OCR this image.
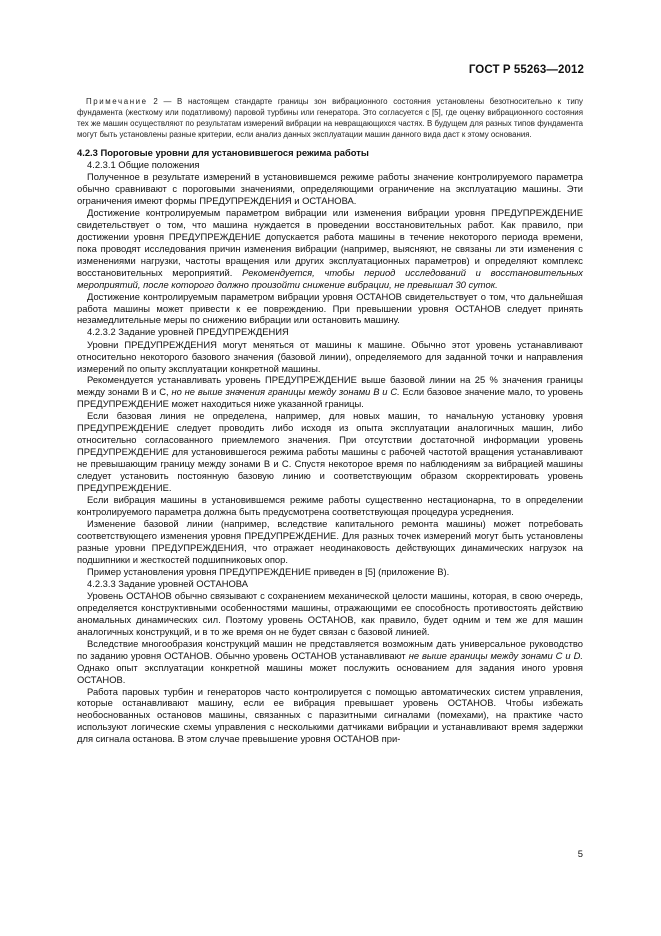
ГОСТ Р 55263—2012

Примечание 2 — В настоящем стандарте границы зон вибрационного состояния установлены безотносительно к типу фундамента (жесткому или податливому) паровой турбины или генератора. Это согласуется с [5], где оценку вибрационного состояния тех же машин осуществляют по результатам измерений вибрации на невращающихся частях. В будущем для разных типов фундамента могут быть установлены разные критерии, если анализ данных эксплуатации машин данного вида даст к этому основания.

4.2.3 Пороговые уровни для установившегося режима работы
4.2.3.1 Общие положения

Полученное в результате измерений в установившемся режиме работы значение контролируемого параметра обычно сравнивают с пороговыми значениями, определяющими ограничение на эксплуатацию машины. Эти ограничения имеют формы ПРЕДУПРЕЖДЕНИЯ и ОСТАНОВА.

Достижение контролируемым параметром вибрации или изменения вибрации уровня ПРЕДУПРЕЖДЕНИЕ свидетельствует о том, что машина нуждается в проведении восстановительных работ. Как правило, при достижении уровня ПРЕДУПРЕЖДЕНИЕ допускается работа машины в течение некоторого периода времени, пока проводят исследования причин изменения вибрации (например, выясняют, не связаны ли эти изменения с изменениями нагрузки, частоты вращения или других эксплуатационных параметров) и определяют комплекс восстановительных мероприятий. Рекомендуется, чтобы период исследований и восстановительных мероприятий, после которого должно произойти снижение вибрации, не превышал 30 суток.

Достижение контролируемым параметром вибрации уровня ОСТАНОВ свидетельствует о том, что дальнейшая работа машины может привести к ее повреждению. При превышении уровня ОСТАНОВ следует принять незамедлительные меры по снижению вибрации или остановить машину.

4.2.3.2 Задание уровней ПРЕДУПРЕЖДЕНИЯ

Уровни ПРЕДУПРЕЖДЕНИЯ могут меняться от машины к машине. Обычно этот уровень устанавливают относительно некоторого базового значения (базовой линии), определяемого для заданной точки и направления измерений по опыту эксплуатации конкретной машины.

Рекомендуется устанавливать уровень ПРЕДУПРЕЖДЕНИЕ выше базовой линии на 25 % значения границы между зонами В и С, но не выше значения границы между зонами В и С. Если базовое значение мало, то уровень ПРЕДУПРЕЖДЕНИЕ может находиться ниже указанной границы.

Если базовая линия не определена, например, для новых машин, то начальную установку уровня ПРЕДУПРЕЖДЕНИЕ следует проводить либо исходя из опыта эксплуатации аналогичных машин, либо относительно согласованного приемлемого значения. При отсутствии достаточной информации уровень ПРЕДУПРЕЖДЕНИЕ для установившегося режима работы машины с рабочей частотой вращения устанавливают не превышающим границу между зонами В и С. Спустя некоторое время по наблюдениям за вибрацией машины следует установить постоянную базовую линию и соответствующим образом скорректировать уровень ПРЕДУПРЕЖДЕНИЕ.

Если вибрация машины в установившемся режиме работы существенно нестационарна, то в определении контролируемого параметра должна быть предусмотрена соответствующая процедура усреднения.

Изменение базовой линии (например, вследствие капитального ремонта машины) может потребовать соответствующего изменения уровня ПРЕДУПРЕЖДЕНИЕ. Для разных точек измерений могут быть установлены разные уровни ПРЕДУПРЕЖДЕНИЯ, что отражает неодинаковость действующих динамических нагрузок на подшипники и жесткостей подшипниковых опор.

Пример установления уровня ПРЕДУПРЕЖДЕНИЕ приведен в [5] (приложение В).

4.2.3.3 Задание уровней ОСТАНОВА

Уровень ОСТАНОВ обычно связывают с сохранением механической целости машины, которая, в свою очередь, определяется конструктивными особенностями машины, отражающими ее способность противостоять действию аномальных динамических сил. Поэтому уровень ОСТАНОВ, как правило, будет одним и тем же для машин аналогичных конструкций, и в то же время он не будет связан с базовой линией.

Вследствие многообразия конструкций машин не представляется возможным дать универсальное руководство по заданию уровня ОСТАНОВ. Обычно уровень ОСТАНОВ устанавливают не выше границы между зонами С и D. Однако опыт эксплуатации конкретной машины может послужить основанием для задания иного уровня ОСТАНОВ.

Работа паровых турбин и генераторов часто контролируется с помощью автоматических систем управления, которые останавливают машину, если ее вибрация превышает уровень ОСТАНОВ. Чтобы избежать необоснованных остановов машины, связанных с паразитными сигналами (помехами), на практике часто используют логические схемы управления с несколькими датчиками вибрации и устанавливают время задержки для сигнала останова. В этом случае превышение уровня ОСТАНОВ при-

5
